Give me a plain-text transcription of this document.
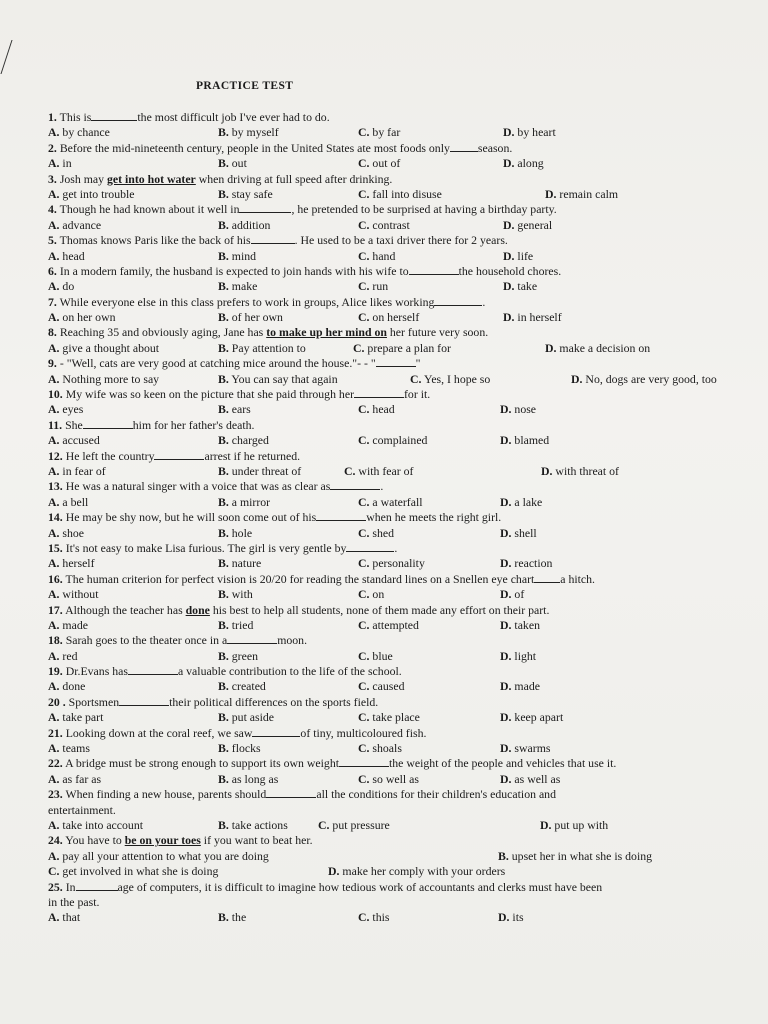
PRACTICE TEST
1. This is	the most difficult job I've ever had to do.
A. by chance	B. by myself	C. by far	D. by heart
2. Before the mid-nineteenth century, people in the United States ate most foods only season.
A. in	B. out	C. out of	D. along
3. Josh may get into hot water when driving at full speed after drinking.
A. get into trouble	B. stay safe	C. fall into disuse	D. remain calm
4. Though he had known about it well in	, he pretended to be surprised at having a birthday party.
A. advance	B. addition	C. contrast	D. general
5. Thomas knows Paris like the back of his	. He used to be a taxi driver there for 2 years.
A. head	B. mind	C. hand	D. life
6. In a modern family, the husband is expected to join hands with his wife to	the household chores.
A. do	B. make	C. run	D. take
7. While everyone else in this class prefers to work in groups, Alice likes working	.
A. on her own	B. of her own	C. on herself	D. in herself
8. Reaching 35 and obviously aging, Jane has to make up her mind on her future very soon.
A. give a thought about	B. Pay attention to	C. prepare a plan for	D. make a decision on
9. - "Well, cats are very good at catching mice around the house."- - "	"
A. Nothing more to say	B. You can say that again	C. Yes, I hope so	D. No, dogs are very good, too
10. My wife was so keen on the picture that she paid through her	for it.
A. eyes	B. ears	C. head	D. nose
11. She	him for her father's death.
A. accused	B. charged	C. complained	D. blamed
12. He left the country	arrest if he returned.
A. in fear of	B. under threat of	C. with fear of	D. with threat of
13. He was a natural singer with a voice that was as clear as	.
A. a bell	B. a mirror	C. a waterfall	D. a lake
14. He may be shy now, but he will soon come out of his	when he meets the right girl.
A. shoe	B. hole	C. shed	D. shell
15. It's not easy to make Lisa furious. The girl is very gentle by	.
A. herself	B. nature	C. personality	D. reaction
16. The human criterion for perfect vision is 20/20 for reading the standard lines on a Snellen eye chart a hitch.
A. without	B. with	C. on	D. of
17. Although the teacher has done his best to help all students, none of them made any effort on their part.
A. made	B. tried	C. attempted	D. taken
18. Sarah goes to the theater once in a	moon.
A. red	B. green	C. blue	D. light
19. Dr.Evans has	a valuable contribution to the life of the school.
A. done	B. created	C. caused	D. made
20 . Sportsmen	their political differences on the sports field.
A. take part	B. put aside	C. take place	D. keep apart
21. Looking down at the coral reef, we saw	of tiny, multicoloured fish.
A. teams	B. flocks	C. shoals	D. swarms
22. A bridge must be strong enough to support its own weight	the weight of the people and vehicles that use it.
A. as far as	B. as long as	C. so well as	D. as well as
23. When finding a new house, parents should	all the conditions for their children's education and
entertainment.
A. take into account	B. take actions	C. put pressure	D. put up with
24. You have to be on your toes if you want to beat her.
A. pay all your attention to what you are doing	B. upset her in what she is doing
C. get involved in what she is doing	D. make her comply with your orders
25. In	age of computers, it is difficult to imagine how tedious work of accountants and clerks must have been
in the past.
A. that	B. the	C. this	D. its
